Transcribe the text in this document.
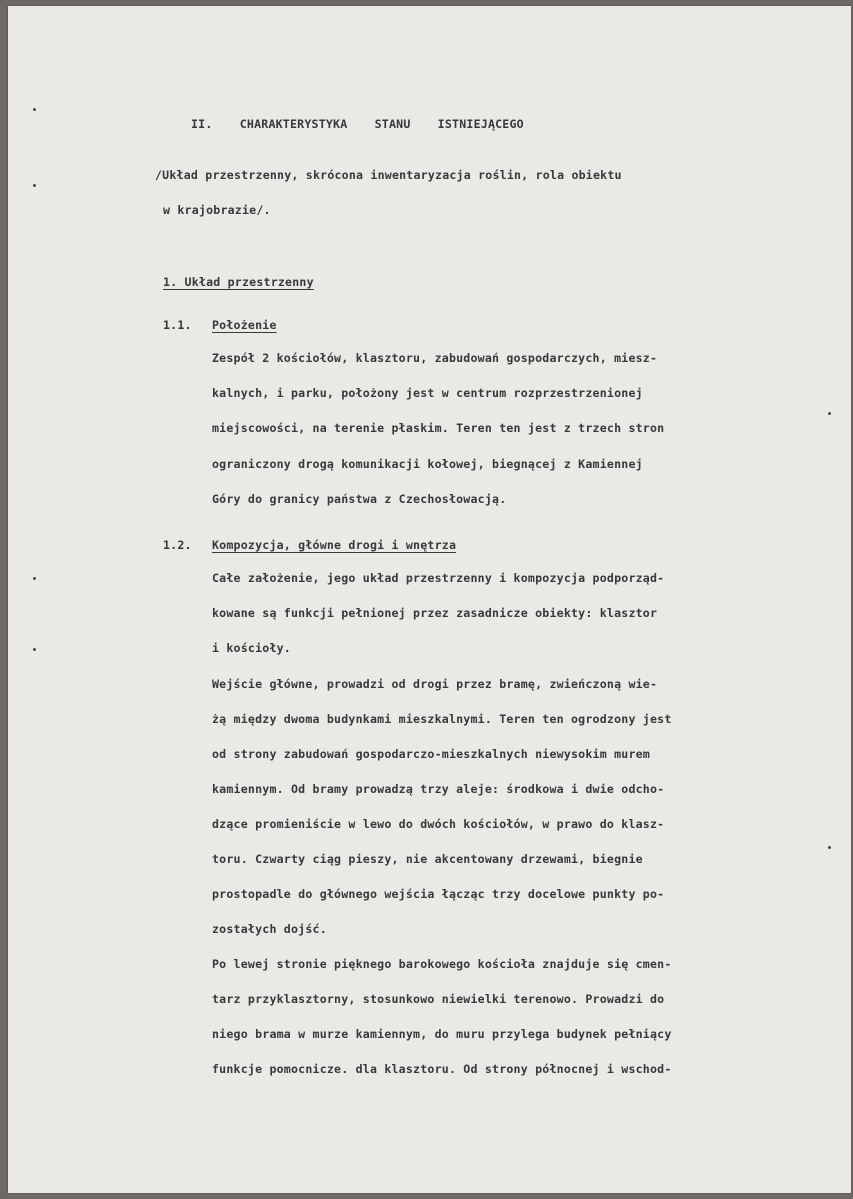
II. CHARAKTERYSTYKA STANU ISTNIEJĄCEGO
/Układ przestrzenny, skrócona inwentaryzacja roślin, rola obiektu
w krajobrazie/.
1. Układ przestrzenny
1.1. Położenie
Zespół 2 kościołów, klasztoru, zabudowań gospodarczych, miesz-
kalnych, i parku, położony jest w centrum rozprzestrzenionej
miejscowości, na terenie płaskim. Teren ten jest z trzech stron
ograniczony drogą komunikacji kołowej, biegnącej z Kamiennej
Góry do granicy państwa z Czechosłowacją.
1.2. Kompozycja, główne drogi i wnętrza
Całe założenie, jego układ przestrzenny i kompozycja podporząd-
kowane są funkcji pełnionej przez zasadnicze obiekty: klasztor
i kościoły.
Wejście główne, prowadzi od drogi przez bramę, zwieńczoną wie-
żą między dwoma budynkami mieszkalnymi. Teren ten ogrodzony jest
od strony zabudowań gospodarczo-mieszkalnych niewysokim murem
kamiennym. Od bramy prowadzą trzy aleje: środkowa i dwie odcho-
dzące promieniście w lewo do dwóch kościołów, w prawo do klasz-
toru. Czwarty ciąg pieszy, nie akcentowany drzewami, biegnie
prostopadle do głównego wejścia łącząc trzy docelowe punkty po-
zostałych dojść.
Po lewej stronie pięknego barokowego kościoła znajduje się cmen-
tarz przyklasztorny, stosunkowo niewielki terenowo. Prowadzi do
niego brama w murze kamiennym, do muru przylega budynek pełniący
funkcje pomocnicze. dla klasztoru. Od strony północnej i wschod-
